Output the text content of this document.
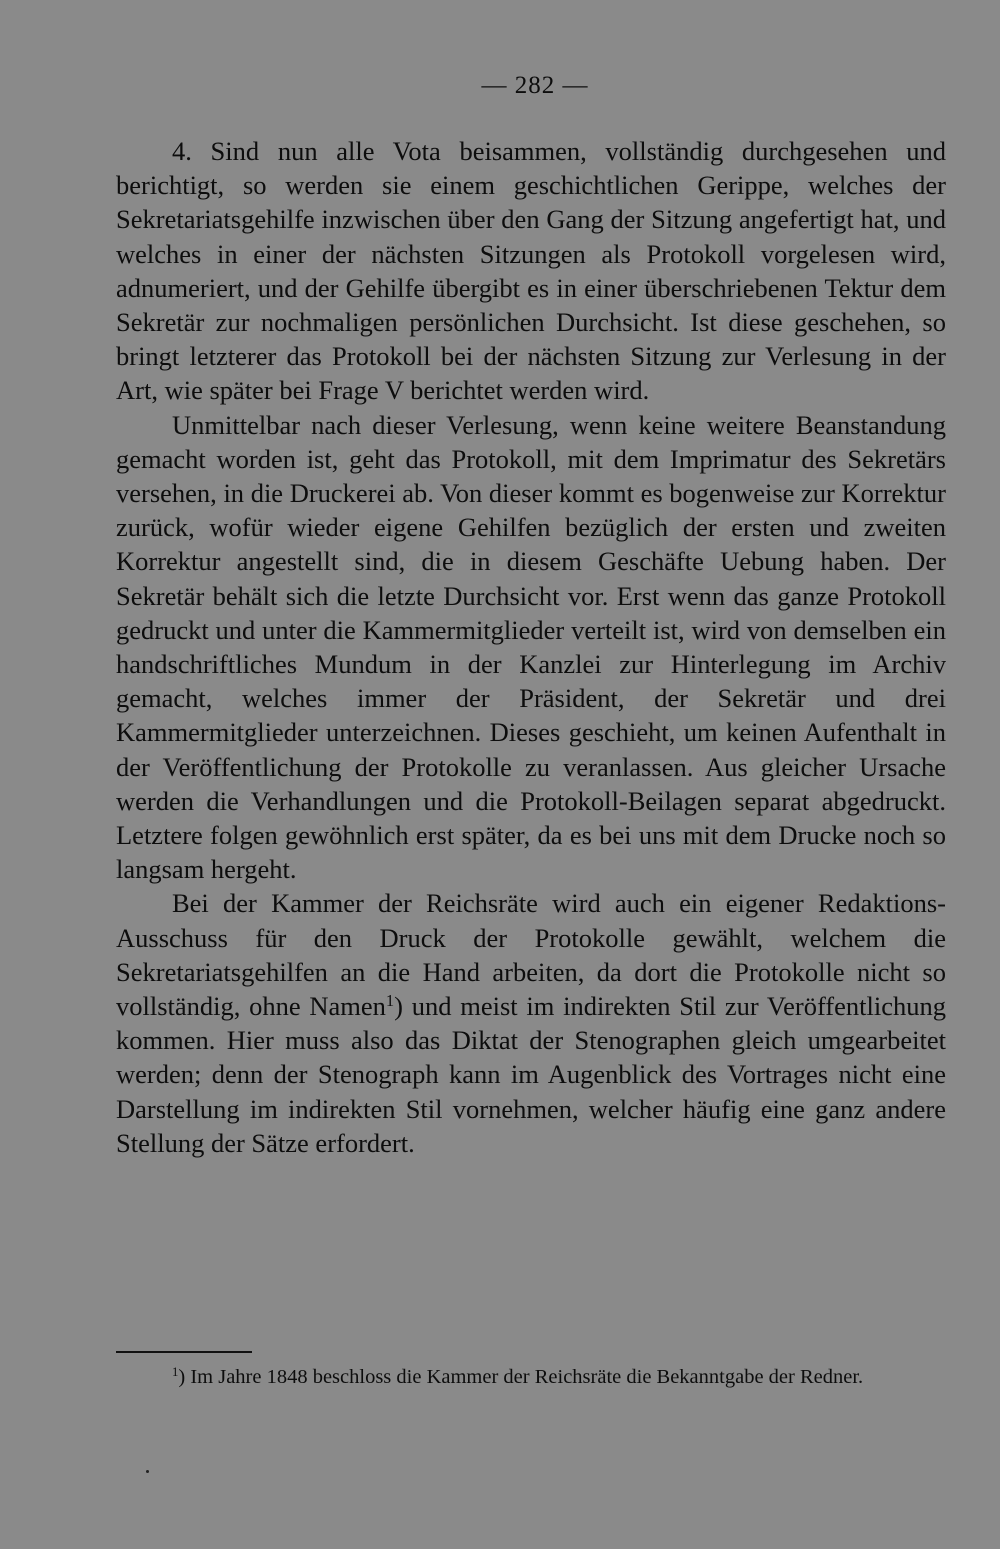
— 282 —

4. Sind nun alle Vota beisammen, vollständig durchgesehen und berichtigt, so werden sie einem geschichtlichen Gerippe, welches der Sekretariatsgehilfe inzwischen über den Gang der Sitzung angefertigt hat, und welches in einer der nächsten Sitzungen als Protokoll vorgelesen wird, adnumeriert, und der Gehilfe übergibt es in einer überschriebenen Tektur dem Sekretär zur nochmaligen persönlichen Durchsicht. Ist diese geschehen, so bringt letzterer das Protokoll bei der nächsten Sitzung zur Verlesung in der Art, wie später bei Frage V berichtet werden wird.

Unmittelbar nach dieser Verlesung, wenn keine weitere Beanstandung gemacht worden ist, geht das Protokoll, mit dem Imprimatur des Sekretärs versehen, in die Druckerei ab. Von dieser kommt es bogenweise zur Korrektur zurück, wofür wieder eigene Gehilfen bezüglich der ersten und zweiten Korrektur angestellt sind, die in diesem Geschäfte Uebung haben. Der Sekretär behält sich die letzte Durchsicht vor. Erst wenn das ganze Protokoll gedruckt und unter die Kammermitglieder verteilt ist, wird von demselben ein handschriftliches Mundum in der Kanzlei zur Hinterlegung im Archiv gemacht, welches immer der Präsident, der Sekretär und drei Kammermitglieder unterzeichnen. Dieses geschieht, um keinen Aufenthalt in der Veröffentlichung der Protokolle zu veranlassen. Aus gleicher Ursache werden die Verhandlungen und die Protokoll-Beilagen separat abgedruckt. Letztere folgen gewöhnlich erst später, da es bei uns mit dem Drucke noch so langsam hergeht.

Bei der Kammer der Reichsräte wird auch ein eigener Redaktions-Ausschuss für den Druck der Protokolle gewählt, welchem die Sekretariatsgehilfen an die Hand arbeiten, da dort die Protokolle nicht so vollständig, ohne Namen$^1$) und meist im indirekten Stil zur Veröffentlichung kommen. Hier muss also das Diktat der Stenographen gleich umgearbeitet werden; denn der Stenograph kann im Augenblick des Vortrages nicht eine Darstellung im indirekten Stil vornehmen, welcher häufig eine ganz andere Stellung der Sätze erfordert.

$^1$) Im Jahre 1848 beschloss die Kammer der Reichsräte die Bekanntgabe der Redner.
